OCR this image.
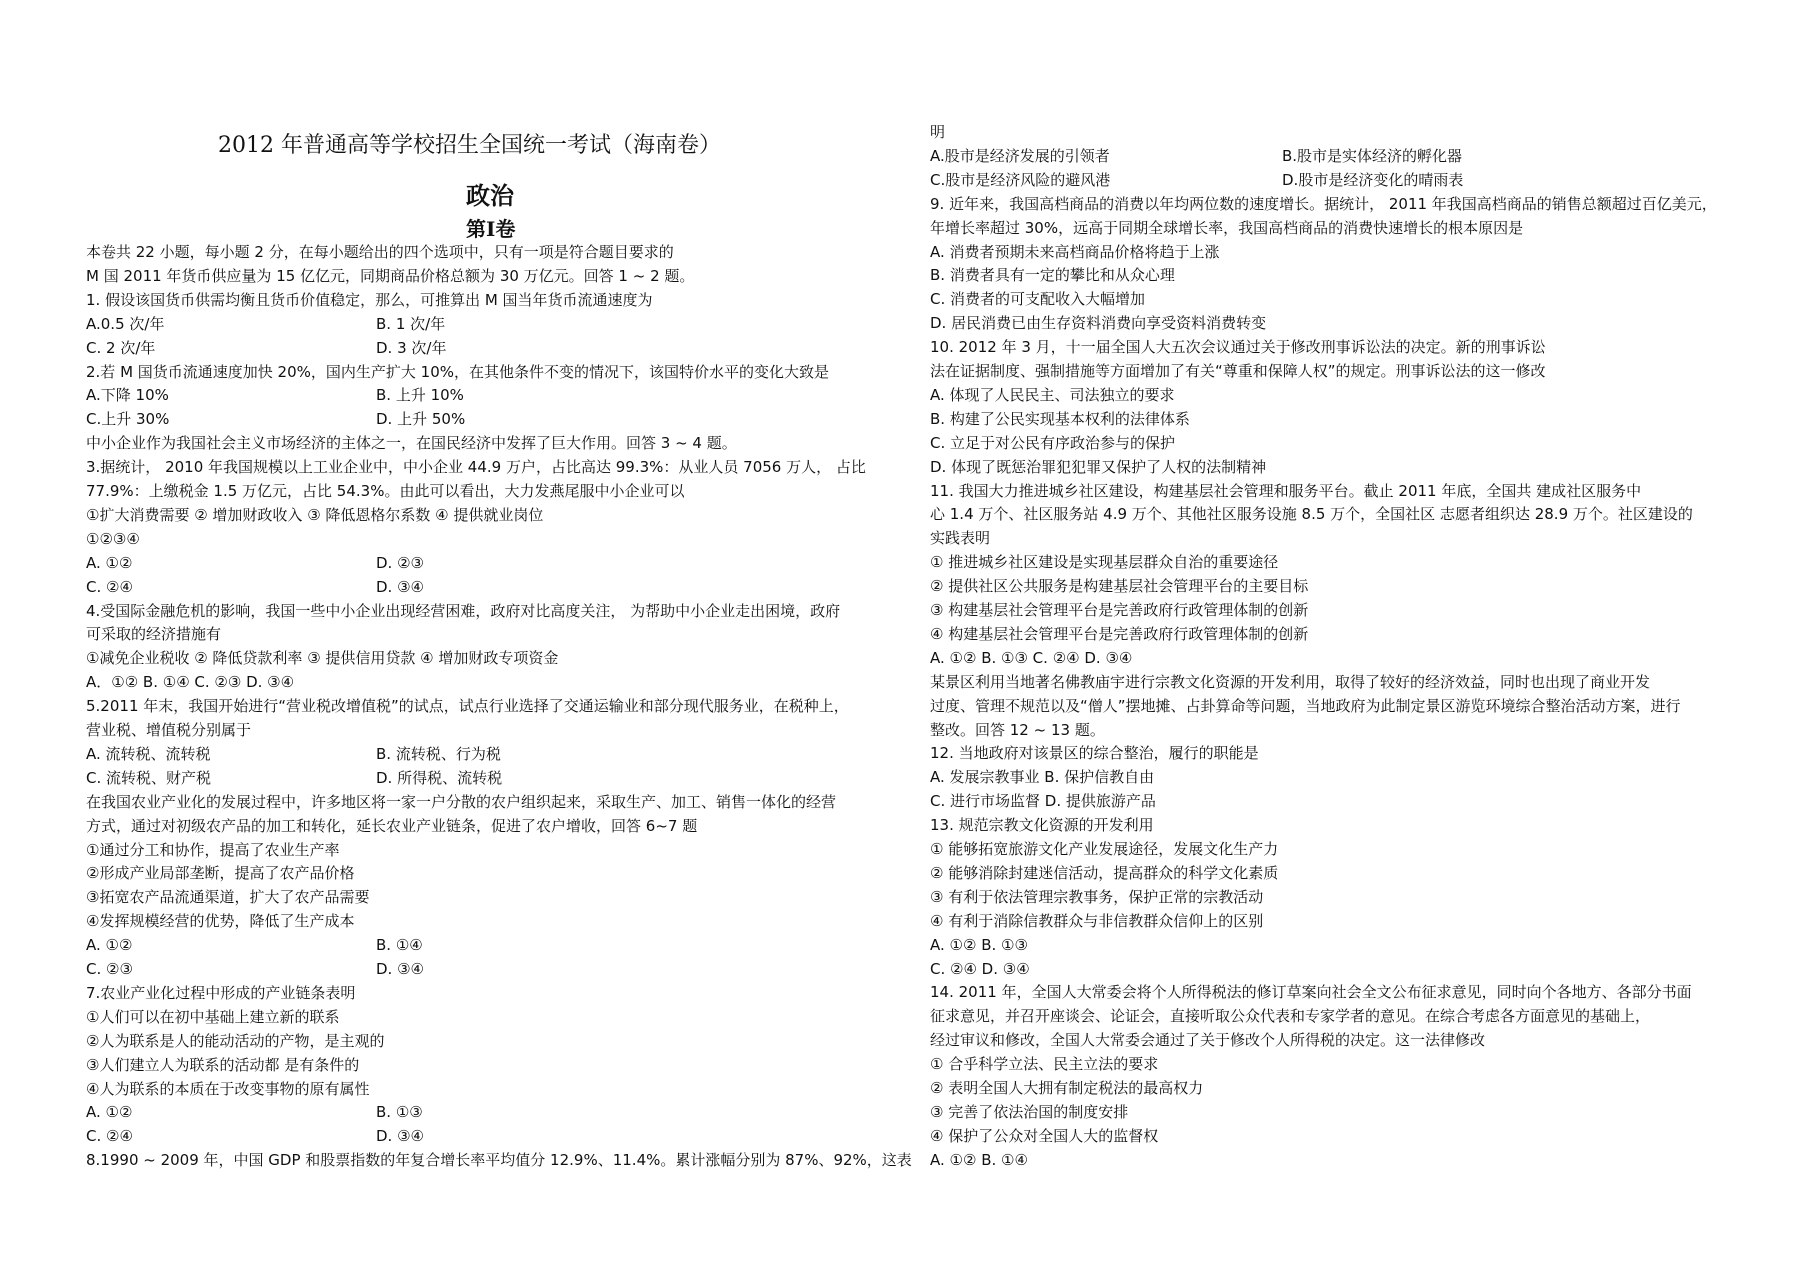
2012 年普通高等学校招生全国统一考试（海南卷）
政治
第Ⅰ卷
本卷共 22 小题，每小题 2 分，在每小题给出的四个选项中，只有一项是符合题目要求的
M 国 2011 年货币供应量为 15 亿亿元，同期商品价格总额为 30 万亿元。回答 1 ~ 2 题。
1. 假设该国货币供需均衡且货币价值稳定，那么，可推算出 M 国当年货币流通速度为
A.0.5 次/年	B. 1 次/年
C. 2 次/年	D. 3 次/年
2.若 M 国货币流通速度加快 20%，国内生产扩大 10%，在其他条件不变的情况下，该国特价水平的变化大致是
A.下降 10%	B. 上升 10%
C.上升 30%	D. 上升 50%
中小企业作为我国社会主义市场经济的主体之一，在国民经济中发挥了巨大作用。回答 3 ~ 4 题。
3.据统计， 2010 年我国规模以上工业企业中，中小企业 44.9 万户，占比高达 99.3%：从业人员 7056 万人， 占比
77.9%：上缴税金 1.5 万亿元，占比 54.3%。由此可以看出，大力发燕尾服中小企业可以
①扩大消费需要 ② 增加财政收入 ③ 降低恩格尔系数 ④ 提供就业岗位
①②③④
A. ①②	D. ②③
C. ②④	D. ③④
4.受国际金融危机的影响，我国一些中小企业出现经营困难，政府对比高度关注， 为帮助中小企业走出困境，政府
可采取的经济措施有
①减免企业税收 ② 降低贷款利率 ③ 提供信用贷款 ④ 增加财政专项资金
A．①② B. ①④ C. ②③ D. ③④
5.2011 年末，我国开始进行“营业税改增值税”的试点，试点行业选择了交通运输业和部分现代服务业，在税种上，
营业税、增值税分别属于
A. 流转税、流转税	B. 流转税、行为税
C. 流转税、财产税	D. 所得税、流转税
在我国农业产业化的发展过程中，许多地区将一家一户分散的农户组织起来，采取生产、加工、销售一体化的经营
方式，通过对初级农产品的加工和转化，延长农业产业链条，促进了农户增收，回答 6~7 题
①通过分工和协作，提高了农业生产率
②形成产业局部垄断，提高了农产品价格
③拓宽农产品流通渠道，扩大了农产品需要
④发挥规模经营的优势，降低了生产成本
A. ①②	B. ①④
C. ②③	D. ③④
7.农业产业化过程中形成的产业链条表明
①人们可以在初中基础上建立新的联系
②人为联系是人的能动活动的产物，是主观的
③人们建立人为联系的活动都 是有条件的
④人为联系的本质在于改变事物的原有属性
A. ①②	B. ①③
C. ②④	D. ③④
8.1990 ~ 2009 年，中国 GDP 和股票指数的年复合增长率平均值分 12.9%、11.4%。累计涨幅分别为 87%、92%，这表
明
A.股市是经济发展的引领者	B.股市是实体经济的孵化器
C.股市是经济风险的避风港	D.股市是经济变化的晴雨表
9. 近年来，我国高档商品的消费以年均两位数的速度增长。据统计， 2011 年我国高档商品的销售总额超过百亿美元，
年增长率超过 30%，远高于同期全球增长率，我国高档商品的消费快速增长的根本原因是
A. 消费者预期未来高档商品价格将趋于上涨
B. 消费者具有一定的攀比和从众心理
C. 消费者的可支配收入大幅增加
D. 居民消费已由生存资料消费向享受资料消费转变
10. 2012 年 3 月，十一届全国人大五次会议通过关于修改刑事诉讼法的决定。新的刑事诉讼
法在证据制度、强制措施等方面增加了有关“尊重和保障人权”的规定。刑事诉讼法的这一修改
A. 体现了人民民主、司法独立的要求
B. 构建了公民实现基本权利的法律体系
C. 立足于对公民有序政治参与的保护
D. 体现了既惩治罪犯犯罪又保护了人权的法制精神
11. 我国大力推进城乡社区建设，构建基层社会管理和服务平台。截止 2011 年底，全国共 建成社区服务中
心 1.4 万个、社区服务站 4.9 万个、其他社区服务设施 8.5 万个，全国社区 志愿者组织达 28.9 万个。社区建设的
实践表明
① 推进城乡社区建设是实现基层群众自治的重要途径
② 提供社区公共服务是构建基层社会管理平台的主要目标
③ 构建基层社会管理平台是完善政府行政管理体制的创新
④ 构建基层社会管理平台是完善政府行政管理体制的创新
A. ①② B. ①③ C. ②④ D. ③④
某景区利用当地著名佛教庙宇进行宗教文化资源的开发利用，取得了较好的经济效益，同时也出现了商业开发
过度、管理不规范以及“僧人”摆地摊、占卦算命等问题，当地政府为此制定景区游览环境综合整治活动方案，进行
整改。回答 12 ~ 13 题。
12. 当地政府对该景区的综合整治，履行的职能是
A. 发展宗教事业 B. 保护信教自由
C. 进行市场监督 D. 提供旅游产品
13. 规范宗教文化资源的开发利用
① 能够拓宽旅游文化产业发展途径，发展文化生产力
② 能够消除封建迷信活动，提高群众的科学文化素质
③ 有利于依法管理宗教事务，保护正常的宗教活动
④ 有利于消除信教群众与非信教群众信仰上的区别
A. ①② B. ①③
C. ②④ D. ③④
14. 2011 年，全国人大常委会将个人所得税法的修订草案向社会全文公布征求意见，同时向个各地方、各部分书面
征求意见，并召开座谈会、论证会，直接听取公众代表和专家学者的意见。在综合考虑各方面意见的基础上，
经过审议和修改，全国人大常委会通过了关于修改个人所得税的决定。这一法律修改
① 合乎科学立法、民主立法的要求
② 表明全国人大拥有制定税法的最高权力
③ 完善了依法治国的制度安排
④ 保护了公众对全国人大的监督权
A. ①② B. ①④
